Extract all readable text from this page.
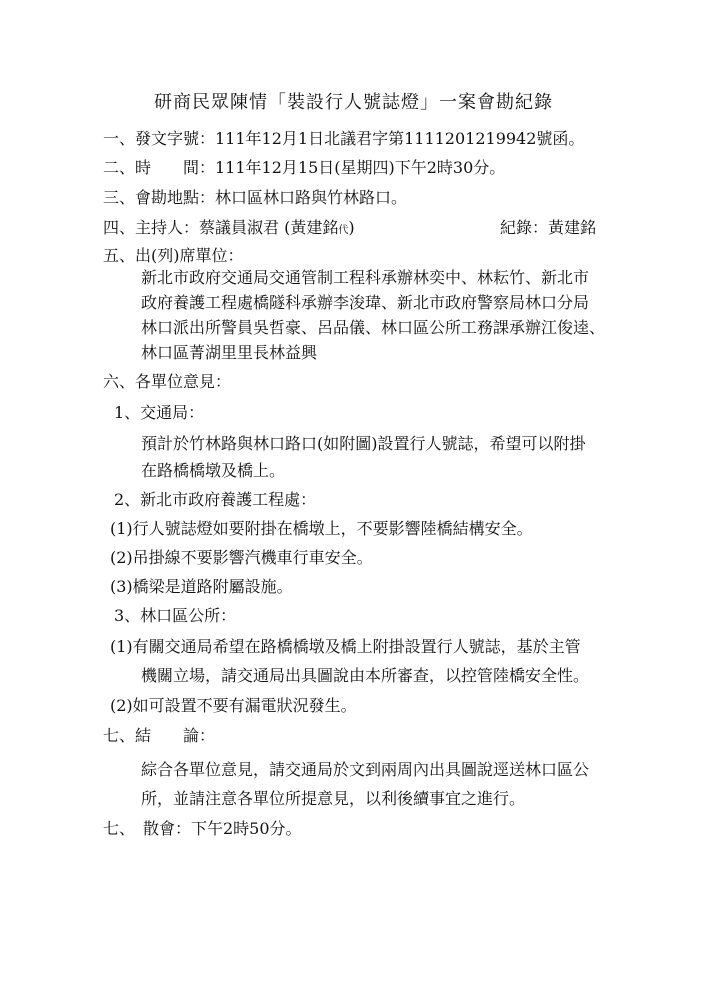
研商民眾陳情「裝設行人號誌燈」一案會勘紀錄
一、發文字號：111年12月1日北議君字第1111201219942號函。
二、時　　間：111年12月15日(星期四)下午2時30分。
三、會勘地點：林口區林口路與竹林路口。
四、主持人：蔡議員淑君 (黃建銘代)	紀錄：黃建銘
五、出(列)席單位：
新北市政府交通局交通管制工程科承辦林奕中、林耘竹、新北市
政府養護工程處橋隧科承辦李浚瑋、新北市政府警察局林口分局
林口派出所警員吳哲豪、呂品儀、林口區公所工務課承辦江俊逵、
林口區菁湖里里長林益興
六、各單位意見：
1、交通局：
預計於竹林路與林口路口(如附圖)設置行人號誌，希望可以附掛
在路橋橋墩及橋上。
2、新北市政府養護工程處：
(1)行人號誌燈如要附掛在橋墩上，不要影響陸橋結構安全。
(2)吊掛線不要影響汽機車行車安全。
(3)橋梁是道路附屬設施。
3、林口區公所：
(1)有關交通局希望在路橋橋墩及橋上附掛設置行人號誌，基於主管
機關立場，請交通局出具圖說由本所審查，以控管陸橋安全性。
(2)如可設置不要有漏電狀況發生。
七、結　　論：
綜合各單位意見，請交通局於文到兩周內出具圖說逕送林口區公
所，並請注意各單位所提意見，以利後續事宜之進行。
七、　散會：下午2時50分。
